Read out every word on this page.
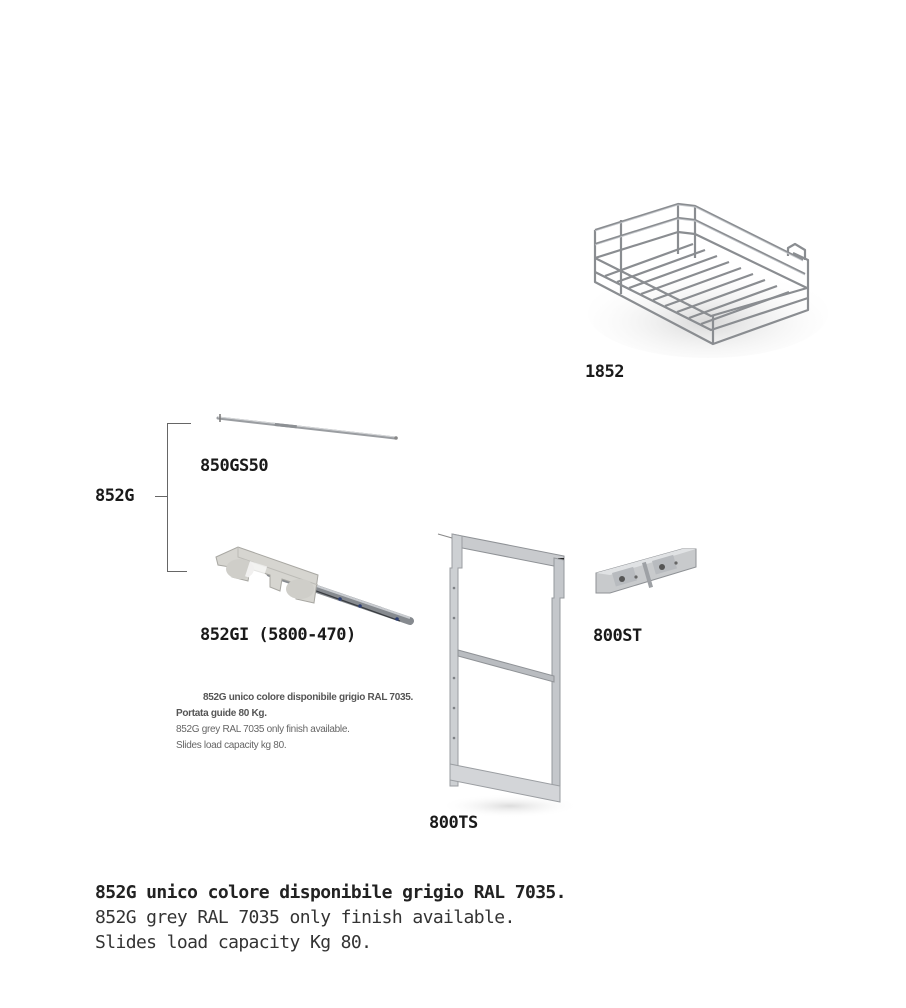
1852
850GS50
852G
852GI (5800-470)
852G unico colore disponibile grigio RAL 7035.
Portata guide 80 Kg.
852G grey RAL 7035 only finish available.
Slides load capacity kg 80.
800TS
800ST
852G unico colore disponibile grigio RAL 7035.
852G grey RAL 7035 only finish available.
Slides load capacity Kg 80.
